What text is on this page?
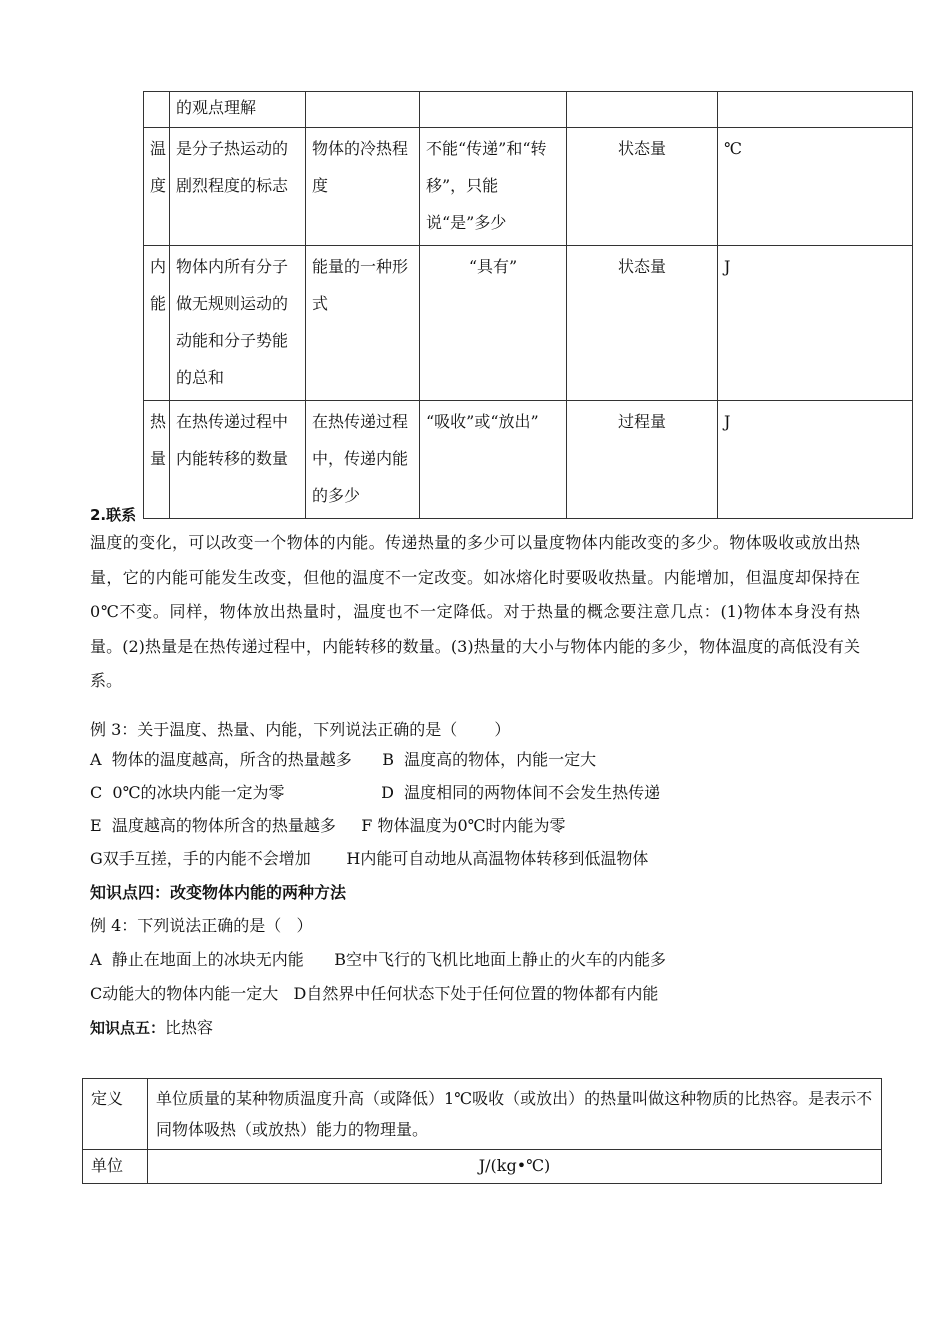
	的观点理解				
温度	是分子热运动的剧烈程度的标志	物体的冷热程度	不能“传递”和“转移”，只能说“是”多少	状态量	℃
内能	物体内所有分子做无规则运动的动能和分子势能的总和	能量的一种形式	“具有”	状态量	J
热量	在热传递过程中内能转移的数量	在热传递过程中，传递内能的多少	“吸收”或“放出”	过程量	J
2.联系
温度的变化，可以改变一个物体的内能。传递热量的多少可以量度物体内能改变的多少。物体吸收或放出热量，它的内能可能发生改变，但他的温度不一定改变。如冰熔化时要吸收热量。内能增加，但温度却保持在0℃不变。同样，物体放出热量时，温度也不一定降低。对于热量的概念要注意几点：(1)物体本身没有热量。(2)热量是在热传递过程中，内能转移的数量。(3)热量的大小与物体内能的多少，物体温度的高低没有关系。
例 3：关于温度、热量、内能，下列说法正确的是（　　 ）
A  物体的温度越高，所含的热量越多      B  温度高的物体，内能一定大
C  0℃的冰块内能一定为零                   D  温度相同的两物体间不会发生热传递
E  温度越高的物体所含的热量越多     F 物体温度为0℃时内能为零
G双手互搓，手的内能不会增加       H内能可自动地从高温物体转移到低温物体
知识点四：改变物体内能的两种方法
例 4：下列说法正确的是（   ）
A  静止在地面上的冰块无内能      B空中飞行的飞机比地面上静止的火车的内能多
C动能大的物体内能一定大   D自然界中任何状态下处于任何位置的物体都有内能
知识点五：比热容
定义	单位质量的某种物质温度升高（或降低）1℃吸收（或放出）的热量叫做这种物质的比热容。是表示不同物体吸热（或放热）能力的物理量。
单位	J/(kg•℃)
